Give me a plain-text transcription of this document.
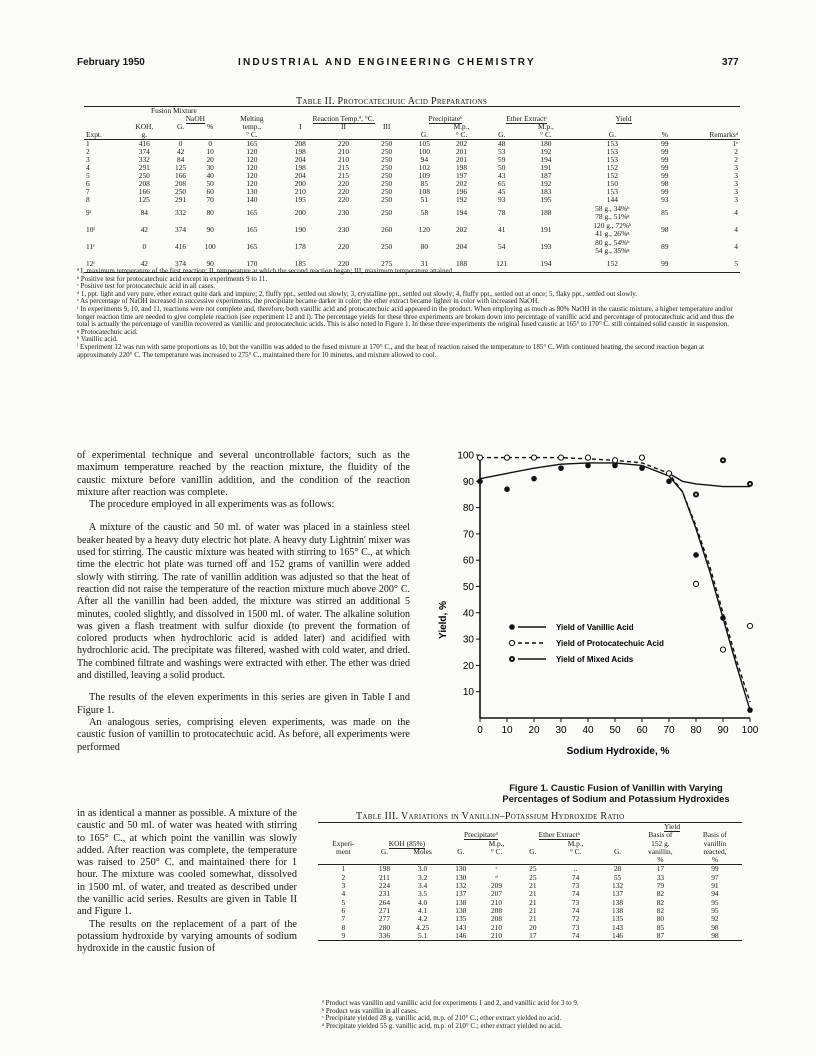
February 1950	INDUSTRIAL AND ENGINEERING CHEMISTRY	377
Table II. Protocatechuic Acid Preparations
	Fusion Mixture													
		NaOH		Melting	Reaction Temp.ª, °C.			Precipitateᵇ		Ether Extractᶜ		Yield		
	KOH,	G.	%	temp.,	I	II	III		M.p.,		M.p.,			
Expt.	g.			° C.				G.	° C.	G.	° C.	G.	%	Remarksᵈ
1	416	0	0	165	208	220	250	105	202	48	180	153	99	1ᵉ
2	374	42	10	120	198	210	250	100	201	53	192	153	99	2
3	332	84	20	120	204	210	250	94	201	59	194	153	99	2
4	291	125	30	120	198	215	250	102	198	50	191	152	99	3
5	250	166	40	120	204	215	250	109	197	43	187	152	99	3
6	208	208	50	120	200	220	250	85	202	65	192	150	98	3
7	166	250	60	130	210	220	250	108	196	45	183	153	99	3
8	125	291	70	140	195	220	250	51	192	93	195	144	93	3
9ᶠ	84	332	80	165	200	230	250	58	194	78	188	58 g., 34%ʰ
78 g., 51%ᵍ	85	4
10ᶠ	42	374	90	165	190	230	260	120	202	41	191	120 g., 72%ʰ
41 g., 26%ᵍ	98	4
11ᶠ	0	416	100	165	178	220	250	80	204	54	193	80 g., 54%ʰ
54 g., 35%ᵍ	89	4
12ⁱ	42	374	90	170	185	220	275	31	188	121	194	152	99	5

ª I, maximum temperature of the first reaction; II, temperature at which the second reaction began; III, maximum temperature attained.

ᵇ Positive test for protocatechuic acid except in experiments 9 to 11.

ᶜ Positive test for protocatechuic acid in all cases.

ᵈ 1, ppt. light and very pure, ether extract quite dark and impure; 2, fluffy ppt., settled out slowly; 3, crystalline ppt., settled out slowly; 4, fluffy ppt., settled out at once; 5, flaky ppt., settled out slowly.

ᵉ As percentage of NaOH increased in successive experiments, the precipitate became darker in color; the ether extract became lighter in color with increased NaOH.

ᶠ In experiments 9, 10, and 11, reactions were not complete and, therefore, both vanillic acid and protocatechuic acid appeared in the product. When employing as much as 80% NaOH in the caustic mixture, a higher temperature and/or longer reaction time are needed to give complete reaction (see experiment 12 and i). The percentage yields for these three experiments are broken down into percentage of vanillic acid and percentage of protocatechuic acid and thus the total is actually the percentage of vanillin recovered as vanillic and protocatechuic acids. This is also noted in Figure 1. In these three experiments the original fused caustic at 165° to 170° C. still contained solid caustic in suspension.

ᵍ Protocatechuic acid.

ʰ Vanillic acid.

ⁱ Experiment 12 was run with same proportions as 10, but the vanillin was added to the fused mixture at 170° C., and the heat of reaction raised the temperature to 185° C. With continued heating, the second reaction began at approximately 220° C. The temperature was increased to 275° C., maintained there for 10 minutes, and mixture allowed to cool.

of experimental technique and several uncontrollable factors, such as the maximum temperature reached by the reaction mixture, the fluidity of the caustic mixture before vanillin addition, and the condition of the reaction mixture after reaction was complete.

The procedure employed in all experiments was as follows:

A mixture of the caustic and 50 ml. of water was placed in a stainless steel beaker heated by a heavy duty electric hot plate. A heavy duty Lightnin' mixer was used for stirring. The caustic mixture was heated with stirring to 165° C., at which time the electric hot plate was turned off and 152 grams of vanillin were added slowly with stirring. The rate of vanillin addition was adjusted so that the heat of reaction did not raise the temperature of the reaction mixture much above 200° C. After all the vanillin had been added, the mixture was stirred an additional 5 minutes, cooled slightly, and dissolved in 1500 ml. of water. The alkaline solution was given a flash treatment with sulfur dioxide (to prevent the formation of colored products when hydrochloric acid is added later) and acidified with hydrochloric acid. The precipitate was filtered, washed with cold water, and dried. The combined filtrate and washings were extracted with ether. The ether was dried and distilled, leaving a solid product.

The results of the eleven experiments in this series are given in Table I and Figure 1.

An analogous series, comprising eleven experiments, was made on the caustic fusion of vanillin to protocatechuic acid. As before, all experiments were performed

in as identical a manner as possible. A mixture of the caustic and 50 ml. of water was heated with stirring to 165° C., at which point the vanillin was slowly added. After reaction was complete, the temperature was raised to 250° C. and maintained there for 1 hour. The mixture was cooled somewhat, dissolved in 1500 ml. of water, and treated as described under the vanillic acid series. Results are given in Table II and Figure 1.

The results on the replacement of a part of the potassium hydroxide by varying amounts of sodium hydroxide in the caustic fusion of

10
20
30
40
50
60
70
80
90
100
0 10 20 30 40 50 60 70 80 90 100
Yield, %
Sodium Hydroxide, %
Yield of Vanillic Acid
Yield of Protocatechuic Acid
Yield of Mixed Acids
Figure 1. Caustic Fusion of Vanillin with Varying
Percentages of Sodium and Potassium Hydroxides
Table III. Variations in Vanillin–Potassium Hydroxide Ratio
							Yield		
			Precipitateª		Ether Extractᵇ			Basis of	Basis of
Experi-	KOH (85%)			M.p.,		M.p.,		152 g.	vanillin
ment	G.	Moles	G.	° C.	G.	° C.	G.	vanillin,	reacted,
								%	%
1	198	3.0	130	ᶜ	25	..	28	17	99
2	211	3.2	130	ᵈ	25	74	55	33	97
3	224	3.4	132	209	21	73	132	79	91
4	231	3.5	137	207	21	74	137	82	94
5	264	4.0	138	210	21	73	138	82	95
6	271	4.1	138	208	21	74	138	82	95
7	277	4.2	135	208	21	72	135	80	92
8	280	4.25	143	210	20	73	143	85	98
9	336	5.1	146	210	17	74	146	87	98

ª Product was vanillin and vanillic acid for experiments 1 and 2, and vanillic acid for 3 to 9.

ᵇ Product was vanillin in all cases.

ᶜ Precipitate yielded 28 g. vanillic acid, m.p. of 210° C.; ether extract yielded no acid.

ᵈ Precipitate yielded 55 g. vanillic acid, m.p. of 210° C.; ether extract yielded no acid.
